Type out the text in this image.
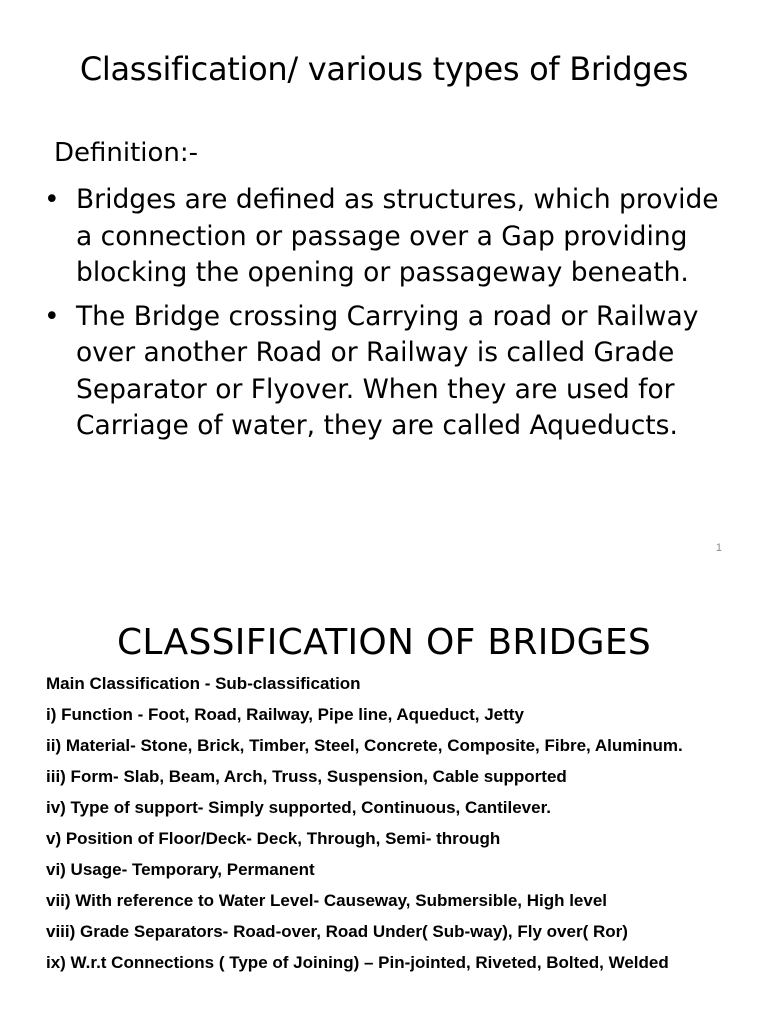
Classification/ various types of Bridges

Definition:-

• Bridges are defined as structures, which provide a connection or passage over a Gap providing blocking the opening or passageway beneath.
• The Bridge crossing Carrying a road or Railway over another Road or Railway is called Grade Separator or Flyover. When they are used for Carriage of water, they are called Aqueducts.
1
CLASSIFICATION OF BRIDGES
Main Classification - Sub-classification
i) Function - Foot, Road, Railway, Pipe line, Aqueduct, Jetty
ii) Material- Stone, Brick, Timber, Steel, Concrete, Composite, Fibre, Aluminum.
iii) Form- Slab, Beam, Arch, Truss, Suspension, Cable supported
iv) Type of support- Simply supported, Continuous, Cantilever.
v) Position of Floor/Deck- Deck, Through, Semi- through
vi) Usage- Temporary, Permanent
vii) With reference to Water Level- Causeway, Submersible, High level
viii) Grade Separators- Road-over, Road Under( Sub-way), Fly over( Ror)
ix) W.r.t Connections ( Type of Joining) – Pin-jointed, Riveted, Bolted, Welded
